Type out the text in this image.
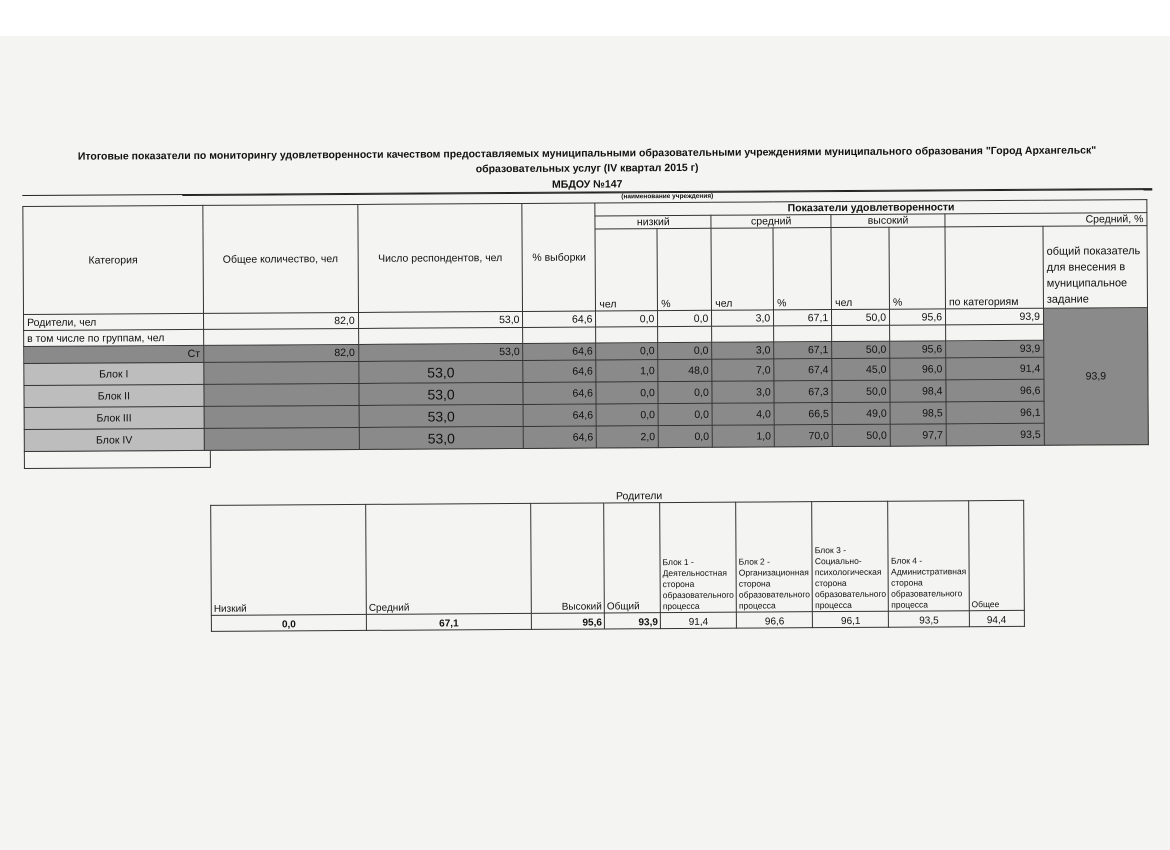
Итоговые показатели по мониторингу удовлетворенности качеством предоставляемых муниципальными образовательными учреждениями муниципального образования "Город Архангельск"
образовательных услуг (IV квартал 2015 г)
МБДОУ №147
(наименование учреждения)
Категория	Общее количество, чел	Число респондентов, чел	% выборки	Показатели удовлетворенности							
				низкий		средний		высокий		Средний, %	
				чел	%	чел	%	чел	%	по категориям	общий показатель для внесения в муниципальное задание
Родители, чел	82,0	53,0	64,6	0,0	0,0	3,0	67,1	50,0	95,6	93,9	93,9
в том числе по группам, чел											
Ст	82,0	53,0	64,6	0,0	0,0	3,0	67,1	50,0	95,6	93,9	
Блок I		53,0	64,6	1,0	48,0	7,0	67,4	45,0	96,0	91,4	
Блок II		53,0	64,6	0,0	0,0	3,0	67,3	50,0	98,4	96,6	
Блок III		53,0	64,6	0,0	0,0	4,0	66,5	49,0	98,5	96,1	
Блок IV		53,0	64,6	2,0	0,0	1,0	70,0	50,0	97,7	93,5	
Родители
Низкий	Средний	Высокий	Общий	Блок 1 - Деятельностная сторона образовательного процесса	Блок 2 - Организационная сторона образовательного процесса	Блок 3 - Социально-психологическая сторона образовательного процесса	Блок 4 - Административная сторона образовательного процесса	Общее
0,0	67,1	95,6	93,9	91,4	96,6	96,1	93,5	94,4
